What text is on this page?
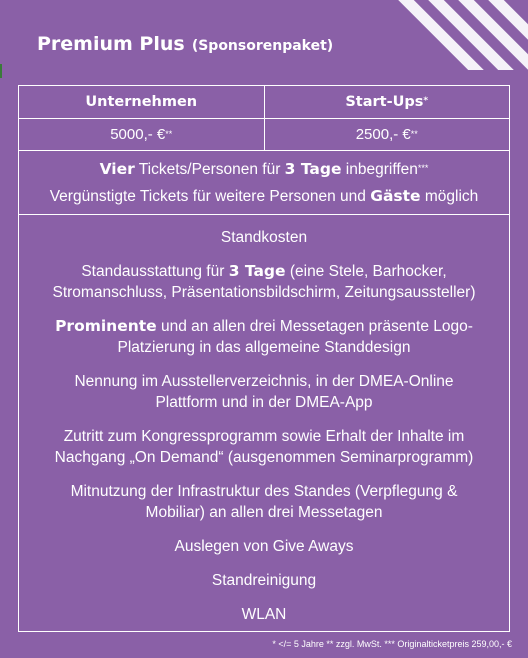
Premium Plus (Sponsorenpaket)
Unternehmen	Start-Ups*
5000,- €**	2500,- €**
Vier Tickets/Personen für 3 Tage inbegriffen***
Vergünstigte Tickets für weitere Personen und Gäste möglich

Standkosten

Standausstattung für 3 Tage (eine Stele, Barhocker,
Stromanschluss, Präsentationsbildschirm, Zeitungsaussteller)

Prominente und an allen drei Messetagen präsente Logo-
Platzierung in das allgemeine Standdesign

Nennung im Ausstellerverzeichnis, in der DMEA-Online
Plattform und in der DMEA-App

Zutritt zum Kongressprogramm sowie Erhalt der Inhalte im
Nachgang „On Demand“ (ausgenommen Seminarprogramm)

Mitnutzung der Infrastruktur des Standes (Verpflegung &
Mobiliar) an allen drei Messetagen

Auslegen von Give Aways

Standreinigung

WLAN

* </= 5 Jahre ** zzgl. MwSt. *** Originalticketpreis 259,00,- €
